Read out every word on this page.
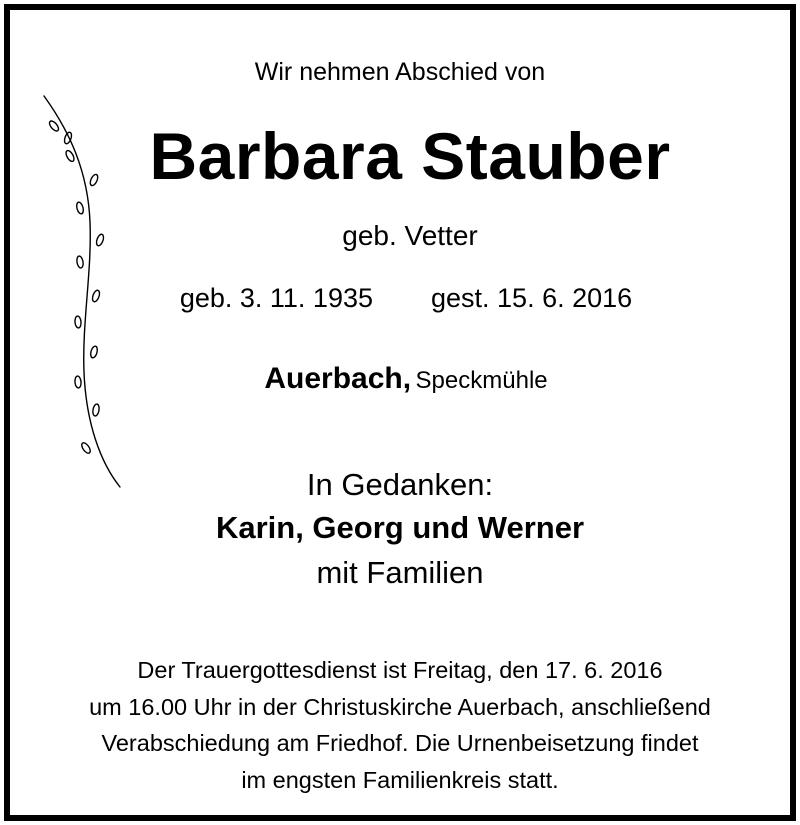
Wir nehmen Abschied von
Barbara Stauber
geb. Vetter
geb. 3. 11. 1935 gest. 15. 6. 2016
Auerbach, Speckmühle
In Gedanken:
Karin, Georg und Werner
mit Familien
Der Trauergottesdienst ist Freitag, den 17. 6. 2016
um 16.00 Uhr in der Christuskirche Auerbach, anschließend
Verabschiedung am Friedhof. Die Urnenbeisetzung findet
im engsten Familienkreis statt.
